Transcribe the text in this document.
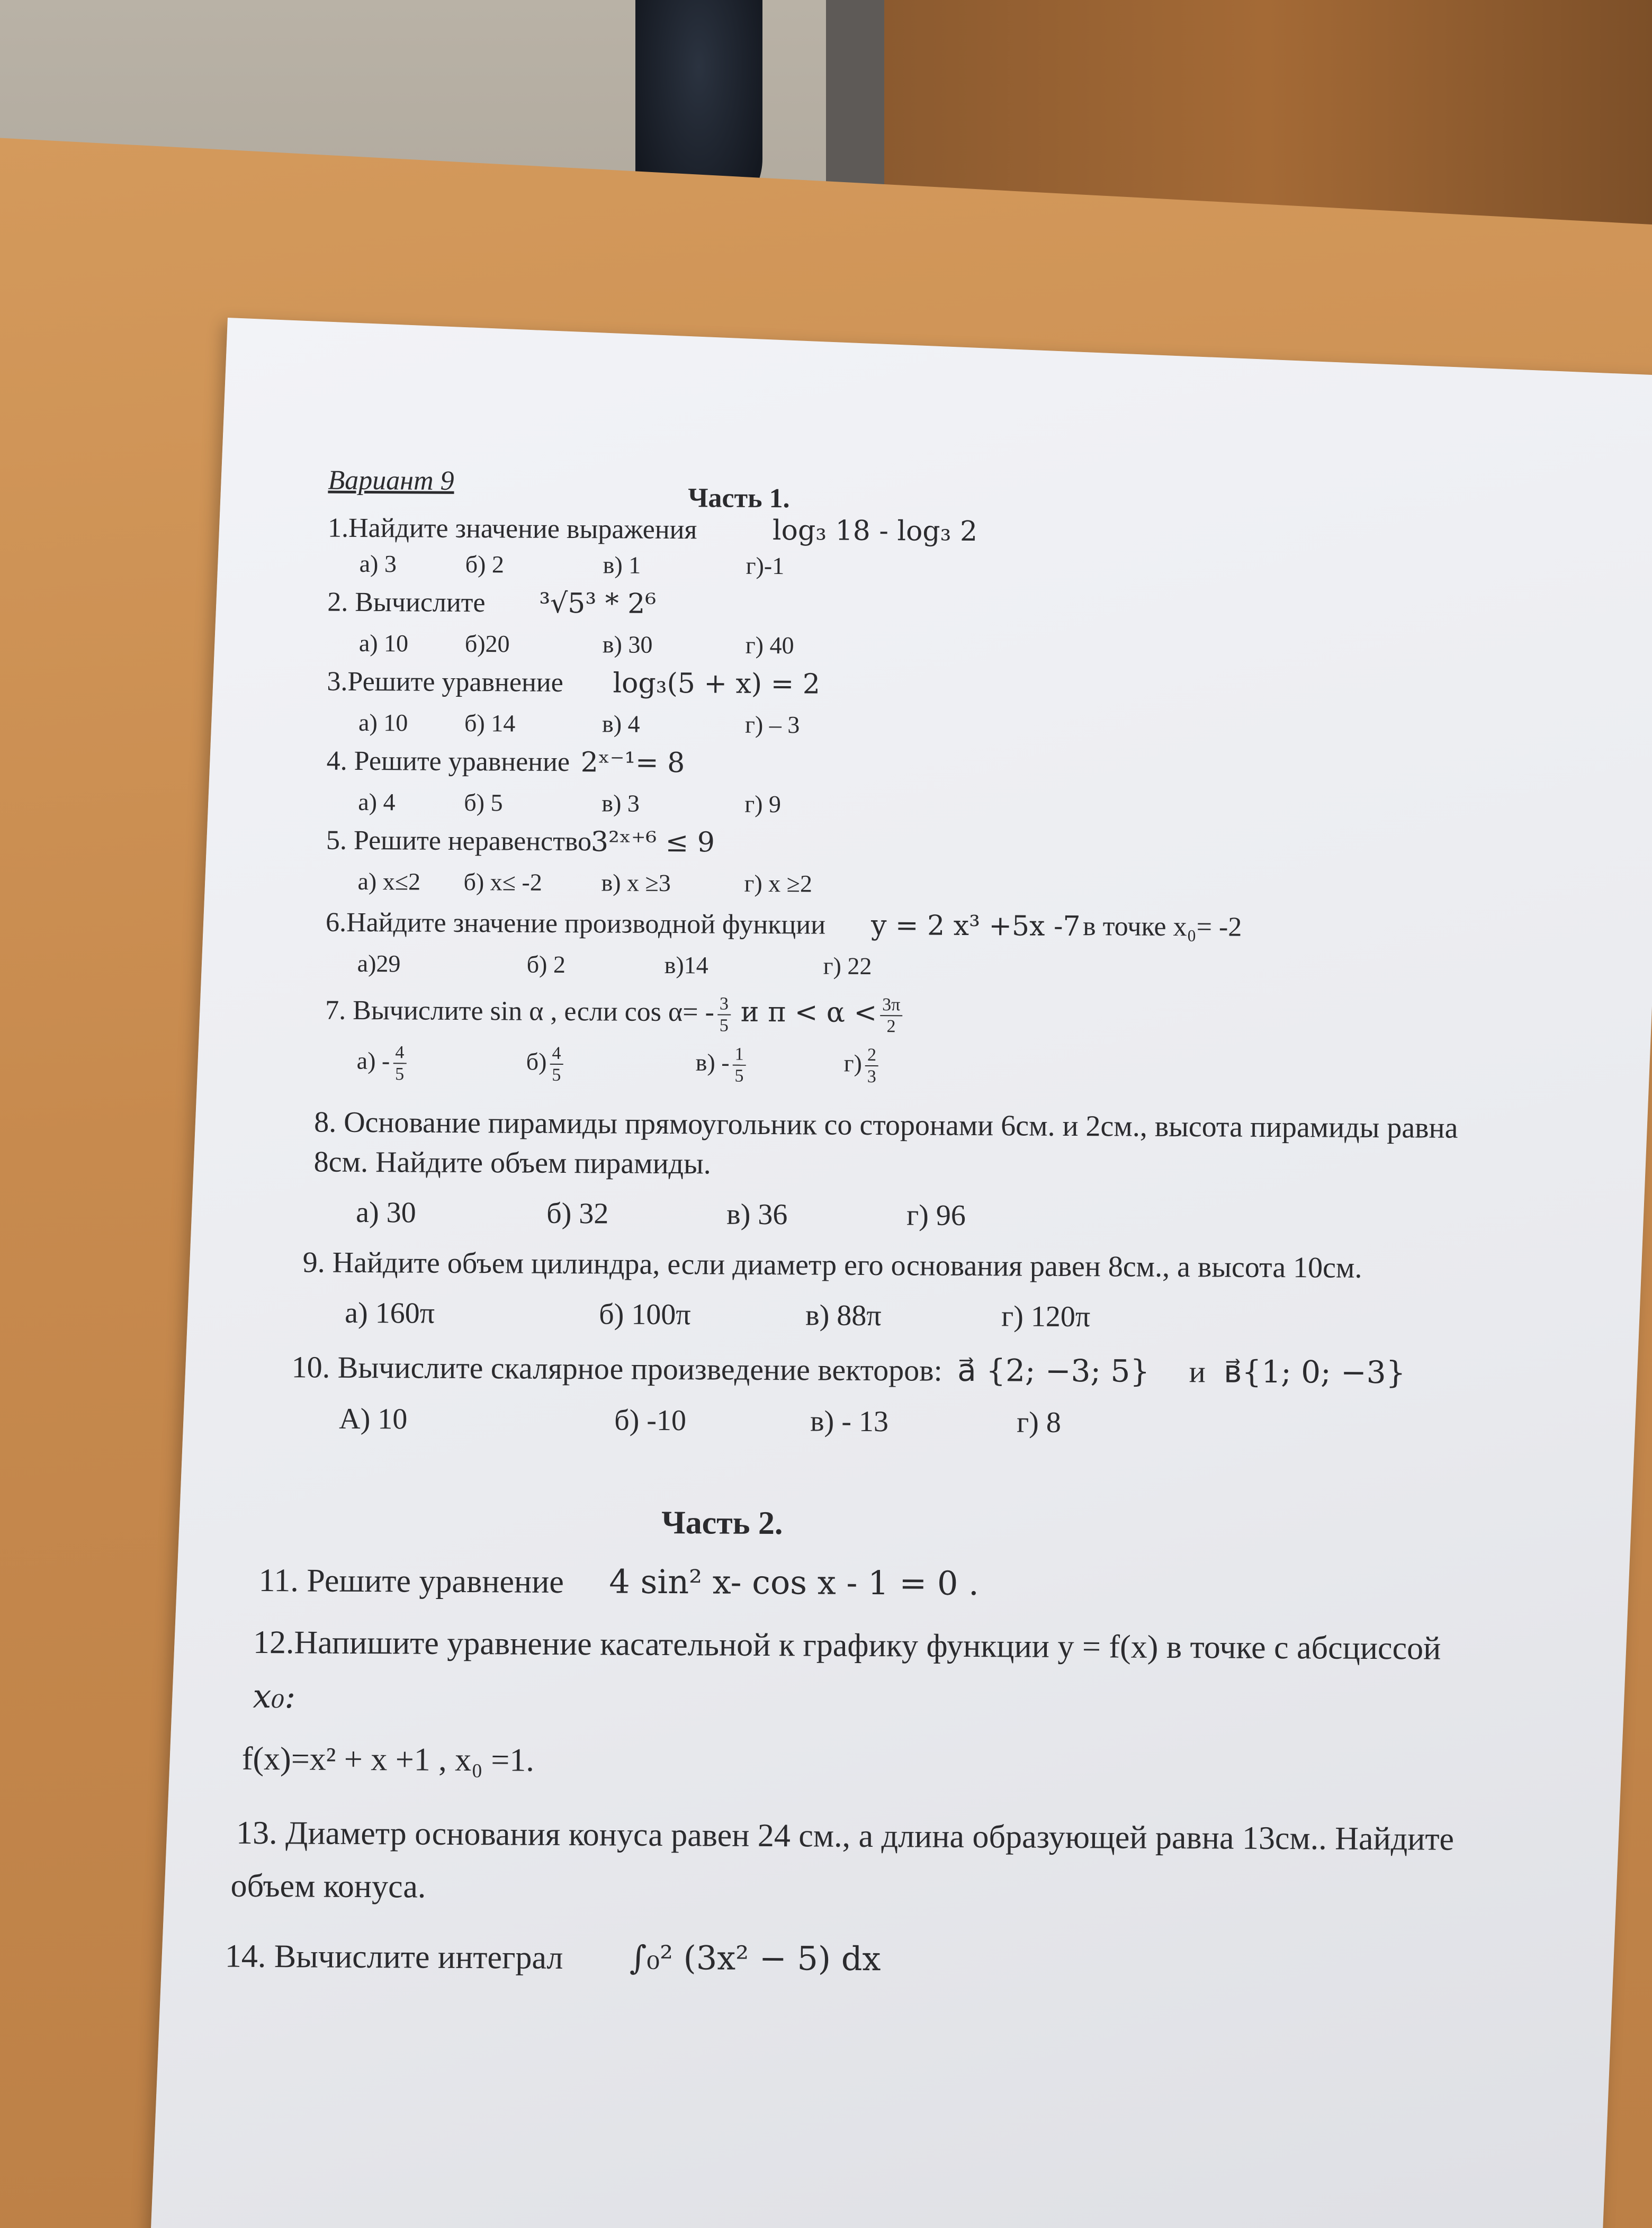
Вариант 9
Часть 1.
1.Найдите значение выражения	log₃ 18 - log₃ 2
а) 3	б) 2	в) 1	г)-1
2. Вычислите ³√5³ * 2⁶
а) 10 б)20	в) 30	г) 40
3.Решите уравнение log₃(5 + x) = 2
а) 10 б) 14	в) 4	г) – 3
4. Решите уравнение 2ˣ⁻¹= 8
а) 4	б) 5	в) 3	г) 9
5. Решите неравенство
3²ˣ⁺⁶ ≤ 9
а) x≤2 б) x≤ -2 в) x ≥3	г) x ≥2
6.Найдите значение производной функции y = 2 x³ +5x -7 в точке x₀= -2
а)29	б) 2	в)14	г) 22
7. Вычислите sin α , если $\cos \alpha= - \frac{3}{5}$ и $\pi < \alpha < \frac{3\pi}{2}$
$а) - \frac{4}{5}$	$б) \frac{4}{5}$	$в) - \frac{1}{5}$	$г) \frac{2}{3}$
8. Основание пирамиды прямоугольник со сторонами 6см. и 2см., высота пирамиды равна
8см. Найдите объем пирамиды.
а) 30	б) 32	в) 36	г) 96
9. Найдите объем цилиндра, если диаметр его основания равен 8см., а высота 10см.
а) 160π	б) 100π	в) 88π	г) 120π
10. Вычислите скалярное произведение векторов: a⃗ {2; −3; 5} и в⃗{1; 0; −3}
А) 10	б) -10	в) - 13	г) 8
Часть 2.
11. Решите уравнение 4 sin² x- cos x - 1 = 0 .
12.Напишите уравнение касательной к графику функции y = f(x) в точке с абсциссой
x₀:
f(x)=x² + x +1 , x₀ =1.
13. Диаметр основания конуса равен 24 см., а длина образующей равна 13см.. Найдите
объем конуса.
14. Вычислите интеграл ∫₀² (3x² − 5) dx
